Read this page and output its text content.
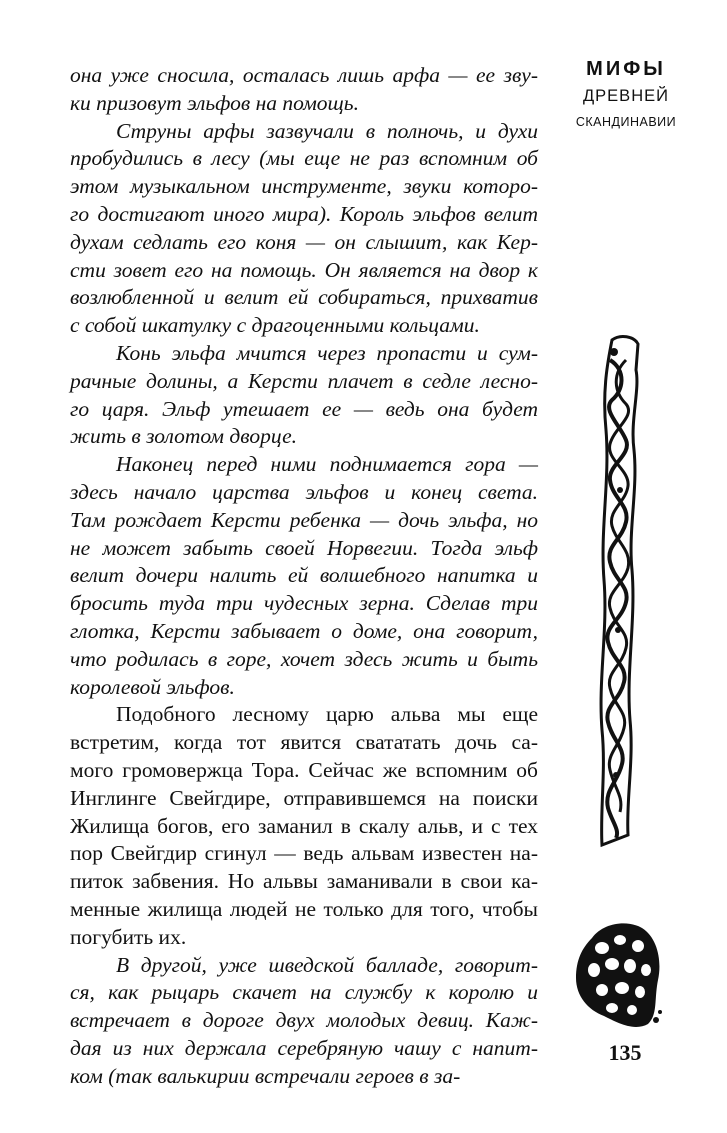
МИФЫ
ДРЕВНЕЙ
СКАНДИНАВИИ
она уже сносила, осталась лишь арфа — ее зву-
ки призовут эльфов на помощь.
Струны арфы зазвучали в полночь, и духи
пробудились в лесу (мы еще не раз вспомним об
этом музыкальном инструменте, звуки которо-
го достигают иного мира). Король эльфов велит
духам седлать его коня — он слышит, как Кер-
сти зовет его на помощь. Он является на двор к
возлюбленной и велит ей собираться, прихватив
с собой шкатулку с драгоценными кольцами.
Конь эльфа мчится через пропасти и сум-
рачные долины, а Керсти плачет в седле лесно-
го царя. Эльф утешает ее — ведь она будет
жить в золотом дворце.
Наконец перед ними поднимается гора —
здесь начало царства эльфов и конец света.
Там рождает Керсти ребенка — дочь эльфа, но
не может забыть своей Норвегии. Тогда эльф
велит дочери налить ей волшебного напитка и
бросить туда три чудесных зерна. Сделав три
глотка, Керсти забывает о доме, она говорит,
что родилась в горе, хочет здесь жить и быть
королевой эльфов.
Подобного лесному царю альва мы еще
встретим, когда тот явится свататать дочь са-
мого громовержца Тора. Сейчас же вспомним об
Инглинге Свейгдире, отправившемся на поиски
Жилища богов, его заманил в скалу альв, и с тех
пор Свейгдир сгинул — ведь альвам известен на-
питок забвения. Но альвы заманивали в свои ка-
менные жилища людей не только для того, чтобы
погубить их.
В другой, уже шведской балладе, говорит-
ся, как рыцарь скачет на службу к королю и
встречает в дороге двух молодых девиц. Каж-
дая из них держала серебряную чашу с напит-
ком (так валькирии встречали героев в за-
135
